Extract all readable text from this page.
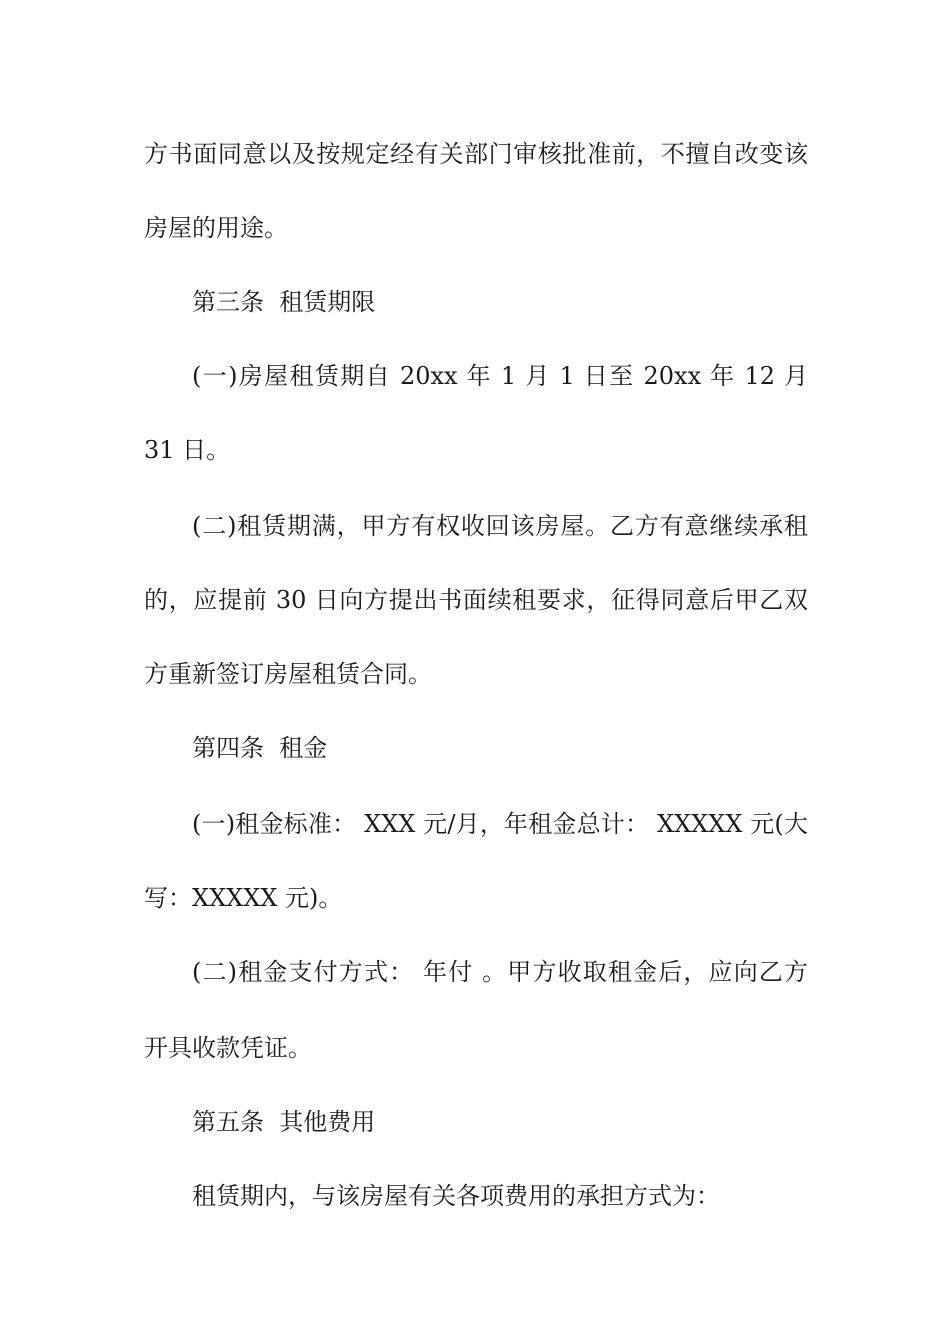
方书面同意以及按规定经有关部门审核批准前，不擅自改变该
房屋的用途。
第三条  租赁期限
(一)房屋租赁期自 20xx 年 1 月 1 日至 20xx 年 12 月
31 日。
(二)租赁期满，甲方有权收回该房屋。乙方有意继续承租
的，应提前 30 日向方提出书面续租要求，征得同意后甲乙双
方重新签订房屋租赁合同。
第四条  租金
(一)租金标准： XXX 元/月，年租金总计： XXXXX 元(大
写：XXXXX 元)。
(二)租金支付方式： 年付 。甲方收取租金后，应向乙方
开具收款凭证。
第五条  其他费用
租赁期内，与该房屋有关各项费用的承担方式为：
